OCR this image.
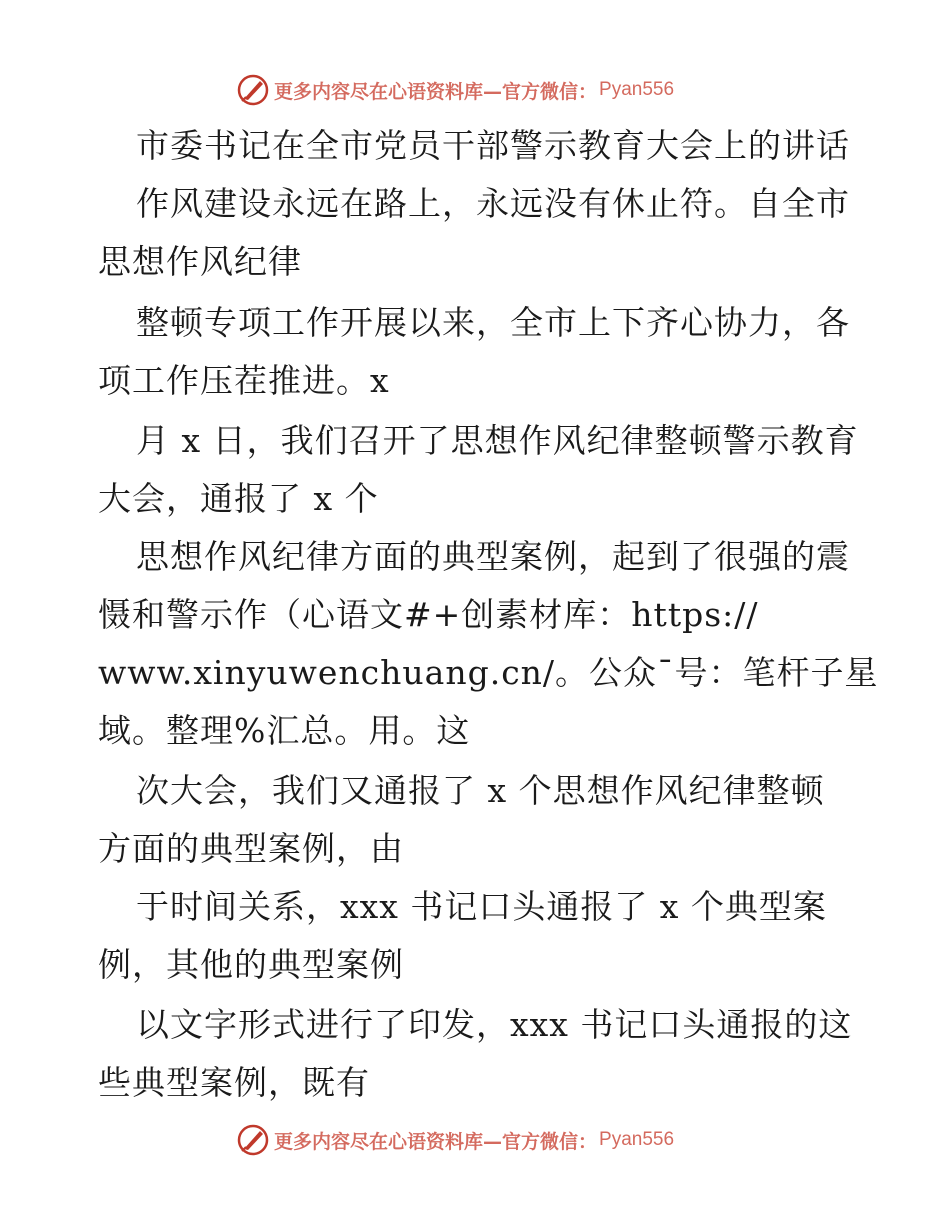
更多内容尽在心语资料库—官方微信： Pyan556
市委书记在全市党员干部警示教育大会上的讲话
作风建设永远在路上，永远没有休止符。自全市
思想作风纪律
整顿专项工作开展以来，全市上下齐心协力，各
项工作压茬推进。x
月 x 日，我们召开了思想作风纪律整顿警示教育
大会，通报了 x 个
思想作风纪律方面的典型案例，起到了很强的震
慑和警示作（心语文#+创素材库：https://
www.xinyuwenchuang.cn/。公众¯号：笔杆子星
域。整理%汇总。用。这
次大会，我们又通报了 x 个思想作风纪律整顿
方面的典型案例，由
于时间关系，xxx 书记口头通报了 x 个典型案
例，其他的典型案例
以文字形式进行了印发，xxx 书记口头通报的这
些典型案例，既有
更多内容尽在心语资料库—官方微信： Pyan556
